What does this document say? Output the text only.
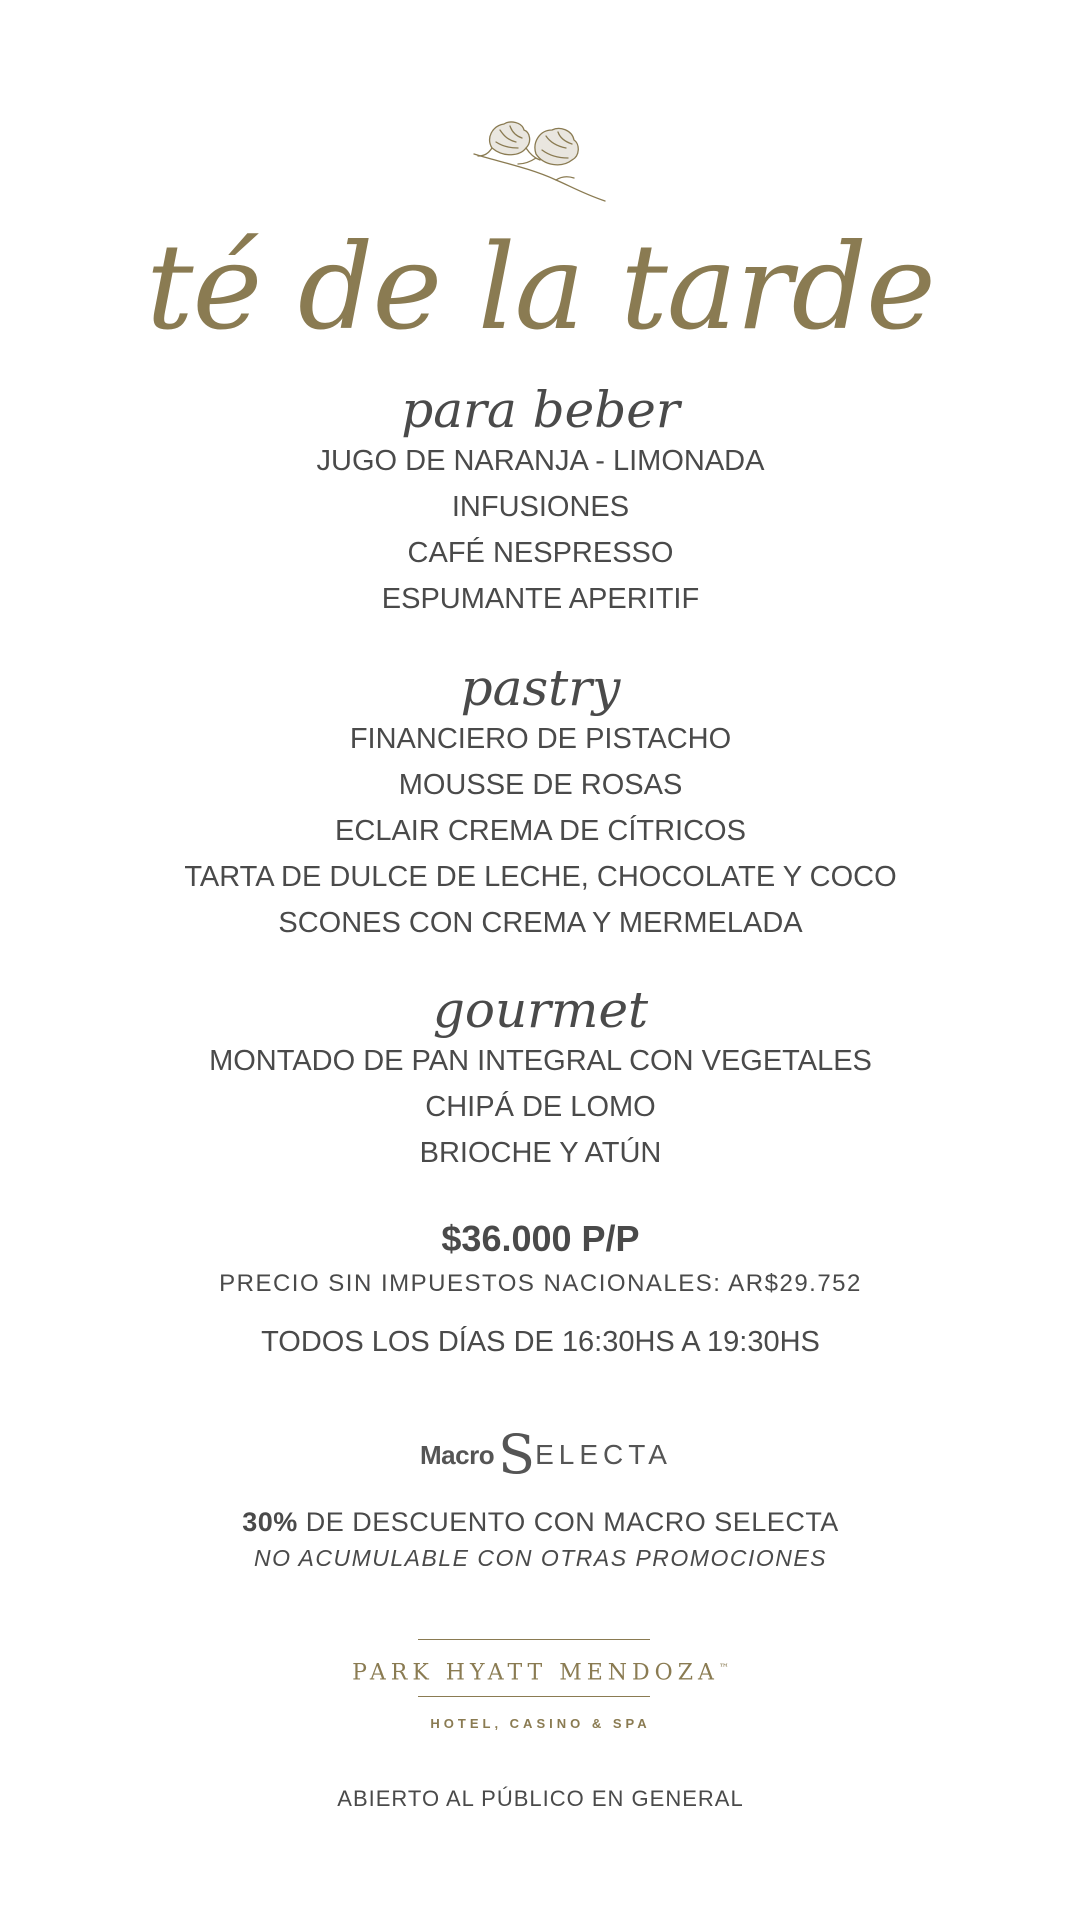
té de la tarde
para beber
JUGO DE NARANJA - LIMONADA
INFUSIONES
CAFÉ NESPRESSO
ESPUMANTE APERITIF
pastry
FINANCIERO DE PISTACHO
MOUSSE DE ROSAS
ECLAIR CREMA DE CÍTRICOS
TARTA DE DULCE DE LECHE, CHOCOLATE Y COCO
SCONES CON CREMA Y MERMELADA
gourmet
MONTADO DE PAN INTEGRAL CON VEGETALES
CHIPÁ DE LOMO
BRIOCHE Y ATÚN
$36.000 P/P
PRECIO SIN IMPUESTOS NACIONALES: AR$29.752
TODOS LOS DÍAS DE 16:30HS A 19:30HS
Macro S ELECTA
30% DE DESCUENTO CON MACRO SELECTA
NO ACUMULABLE CON OTRAS PROMOCIONES
PARK HYATT MENDOZA™
HOTEL, CASINO & SPA
ABIERTO AL PÚBLICO EN GENERAL
